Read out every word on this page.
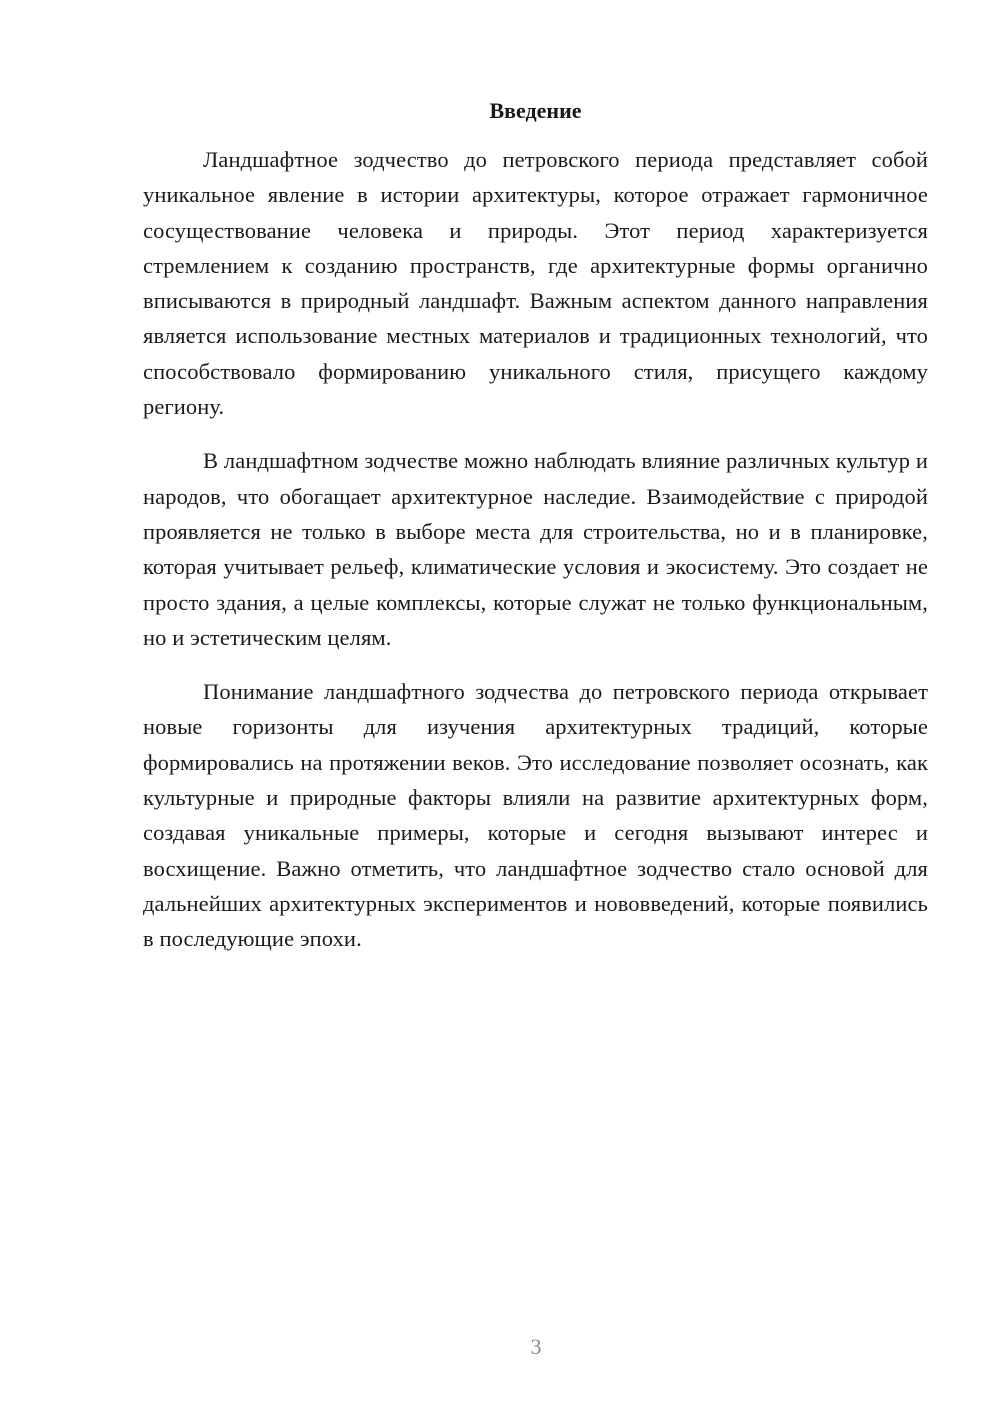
Введение

Ландшафтное зодчество до петровского периода представляет собой уникальное явление в истории архитектуры, которое отражает гармоничное сосуществование человека и природы. Этот период характеризуется стремлением к созданию пространств, где архитектурные формы органично вписываются в природный ландшафт. Важным аспектом данного направления является использование местных материалов и традиционных технологий, что способствовало формированию уникального стиля, присущего каждому региону.

В ландшафтном зодчестве можно наблюдать влияние различных культур и народов, что обогащает архитектурное наследие. Взаимодействие с природой проявляется не только в выборе места для строительства, но и в планировке, которая учитывает рельеф, климатические условия и экосистему. Это создает не просто здания, а целые комплексы, которые служат не только функциональным, но и эстетическим целям.

Понимание ландшафтного зодчества до петровского периода открывает новые горизонты для изучения архитектурных традиций, которые формировались на протяжении веков. Это исследование позволяет осознать, как культурные и природные факторы влияли на развитие архитектурных форм, создавая уникальные примеры, которые и сегодня вызывают интерес и восхищение. Важно отметить, что ландшафтное зодчество стало основой для дальнейших архитектурных экспериментов и нововведений, которые появились в последующие эпохи.

3
